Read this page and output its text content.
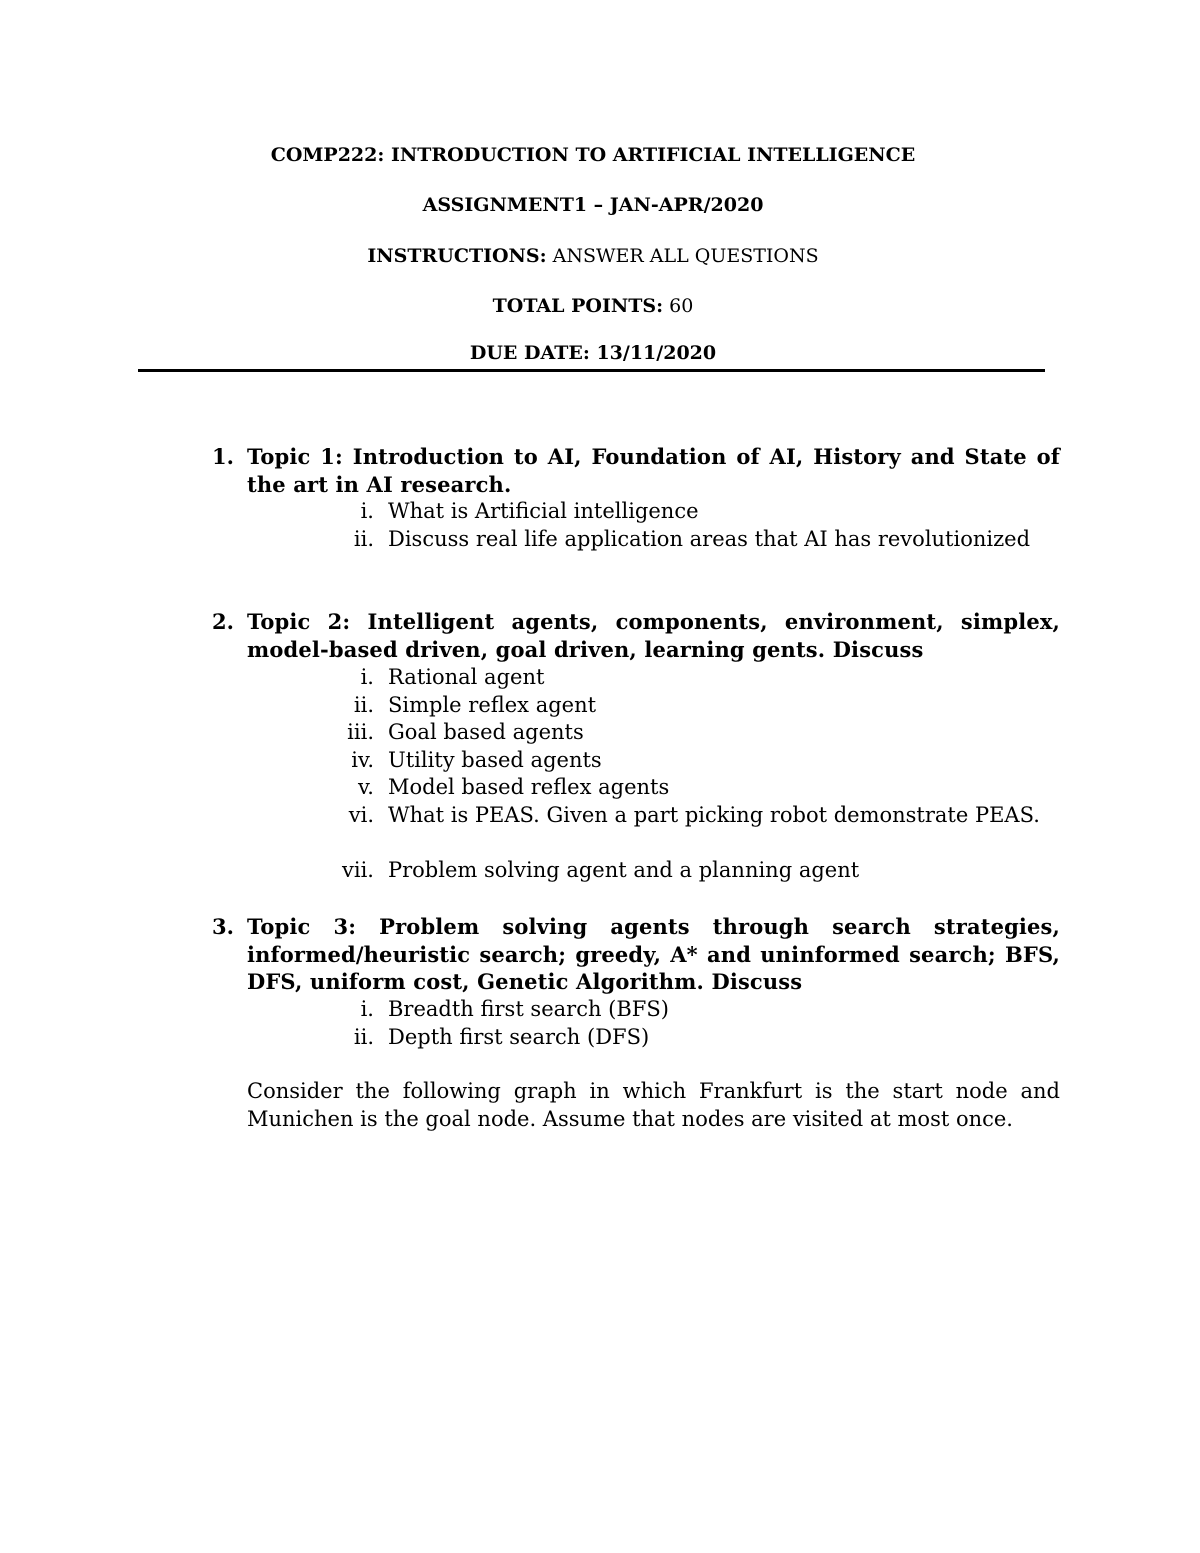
COMP222: INTRODUCTION TO ARTIFICIAL INTELLIGENCE
ASSIGNMENT1 – JAN-APR/2020
INSTRUCTIONS: ANSWER ALL QUESTIONS
TOTAL POINTS: 60
DUE DATE: 13/11/2020
1. Topic 1: Introduction to AI, Foundation of AI, History and State of the art in AI research.
i. What is Artificial intelligence
ii. Discuss real life application areas that AI has revolutionized
2. Topic 2: Intelligent agents, components, environment, simplex, model-based driven, goal driven, learning gents. Discuss
i. Rational agent
ii. Simple reflex agent
iii. Goal based agents
iv. Utility based agents
v. Model based reflex agents
vi. What is PEAS. Given a part picking robot demonstrate PEAS.
vii. Problem solving agent and a planning agent
3. Topic 3: Problem solving agents through search strategies, informed/heuristic search; greedy, A* and uninformed search; BFS, DFS, uniform cost, Genetic Algorithm. Discuss
i. Breadth first search (BFS)
ii. Depth first search (DFS)
Consider the following graph in which Frankfurt is the start node and Munichen is the goal node. Assume that nodes are visited at most once.
